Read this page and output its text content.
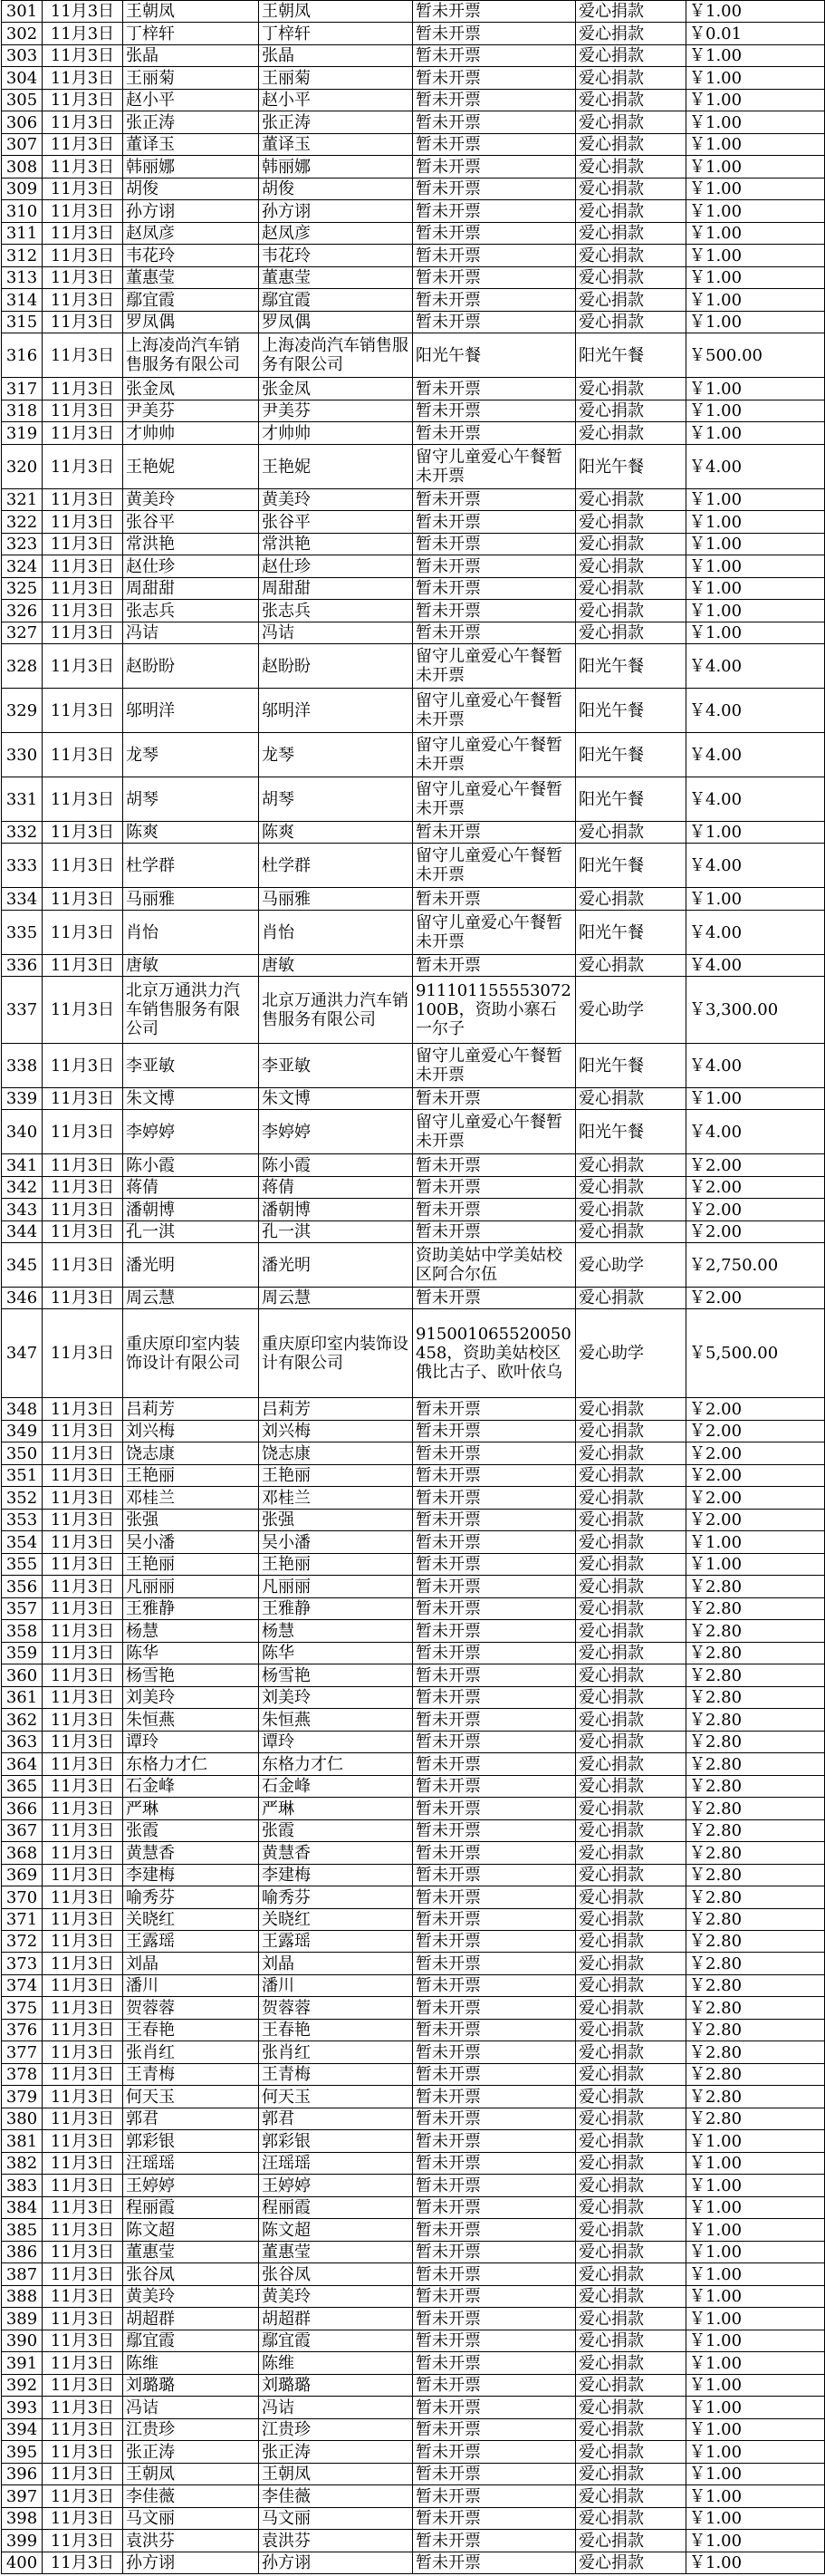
301	11月3日	王朝凤	王朝凤	暂未开票	爱心捐款	￥1.00
302	11月3日	丁梓轩	丁梓轩	暂未开票	爱心捐款	￥0.01
303	11月3日	张晶	张晶	暂未开票	爱心捐款	￥1.00
304	11月3日	王丽菊	王丽菊	暂未开票	爱心捐款	￥1.00
305	11月3日	赵小平	赵小平	暂未开票	爱心捐款	￥1.00
306	11月3日	张正涛	张正涛	暂未开票	爱心捐款	￥1.00
307	11月3日	董译玉	董译玉	暂未开票	爱心捐款	￥1.00
308	11月3日	韩丽娜	韩丽娜	暂未开票	爱心捐款	￥1.00
309	11月3日	胡俊	胡俊	暂未开票	爱心捐款	￥1.00
310	11月3日	孙方诩	孙方诩	暂未开票	爱心捐款	￥1.00
311	11月3日	赵凤彦	赵凤彦	暂未开票	爱心捐款	￥1.00
312	11月3日	韦花玲	韦花玲	暂未开票	爱心捐款	￥1.00
313	11月3日	董惠莹	董惠莹	暂未开票	爱心捐款	￥1.00
314	11月3日	鄢宜霞	鄢宜霞	暂未开票	爱心捐款	￥1.00
315	11月3日	罗凤偶	罗凤偶	暂未开票	爱心捐款	￥1.00
316	11月3日	上海凌尚汽车销售服务有限公司	上海凌尚汽车销售服务有限公司	阳光午餐	阳光午餐	￥500.00
317	11月3日	张金凤	张金凤	暂未开票	爱心捐款	￥1.00
318	11月3日	尹美芬	尹美芬	暂未开票	爱心捐款	￥1.00
319	11月3日	才帅帅	才帅帅	暂未开票	爱心捐款	￥1.00
320	11月3日	王艳妮	王艳妮	留守儿童爱心午餐暂未开票	阳光午餐	￥4.00
321	11月3日	黄美玲	黄美玲	暂未开票	爱心捐款	￥1.00
322	11月3日	张谷平	张谷平	暂未开票	爱心捐款	￥1.00
323	11月3日	常洪艳	常洪艳	暂未开票	爱心捐款	￥1.00
324	11月3日	赵仕珍	赵仕珍	暂未开票	爱心捐款	￥1.00
325	11月3日	周甜甜	周甜甜	暂未开票	爱心捐款	￥1.00
326	11月3日	张志兵	张志兵	暂未开票	爱心捐款	￥1.00
327	11月3日	冯诘	冯诘	暂未开票	爱心捐款	￥1.00
328	11月3日	赵盼盼	赵盼盼	留守儿童爱心午餐暂未开票	阳光午餐	￥4.00
329	11月3日	邬明洋	邬明洋	留守儿童爱心午餐暂未开票	阳光午餐	￥4.00
330	11月3日	龙琴	龙琴	留守儿童爱心午餐暂未开票	阳光午餐	￥4.00
331	11月3日	胡琴	胡琴	留守儿童爱心午餐暂未开票	阳光午餐	￥4.00
332	11月3日	陈爽	陈爽	暂未开票	爱心捐款	￥1.00
333	11月3日	杜学群	杜学群	留守儿童爱心午餐暂未开票	阳光午餐	￥4.00
334	11月3日	马丽雅	马丽雅	暂未开票	爱心捐款	￥1.00
335	11月3日	肖怡	肖怡	留守儿童爱心午餐暂未开票	阳光午餐	￥4.00
336	11月3日	唐敏	唐敏	暂未开票	爱心捐款	￥4.00
337	11月3日	北京万通洪力汽车销售服务有限公司	北京万通洪力汽车销售服务有限公司	911101155553072100B，资助小寨石一尔子	爱心助学	￥3,300.00
338	11月3日	李亚敏	李亚敏	留守儿童爱心午餐暂未开票	阳光午餐	￥4.00
339	11月3日	朱文博	朱文博	暂未开票	爱心捐款	￥1.00
340	11月3日	李婷婷	李婷婷	留守儿童爱心午餐暂未开票	阳光午餐	￥4.00
341	11月3日	陈小霞	陈小霞	暂未开票	爱心捐款	￥2.00
342	11月3日	蒋倩	蒋倩	暂未开票	爱心捐款	￥2.00
343	11月3日	潘朝博	潘朝博	暂未开票	爱心捐款	￥2.00
344	11月3日	孔一淇	孔一淇	暂未开票	爱心捐款	￥2.00
345	11月3日	潘光明	潘光明	资助美姑中学美姑校区阿合尔伍	爱心助学	￥2,750.00
346	11月3日	周云慧	周云慧	暂未开票	爱心捐款	￥2.00
347	11月3日	重庆原印室内装饰设计有限公司	重庆原印室内装饰设计有限公司	915001065520050458，资助美姑校区俄比古子、欧叶依乌	爱心助学	￥5,500.00
348	11月3日	吕莉芳	吕莉芳	暂未开票	爱心捐款	￥2.00
349	11月3日	刘兴梅	刘兴梅	暂未开票	爱心捐款	￥2.00
350	11月3日	饶志康	饶志康	暂未开票	爱心捐款	￥2.00
351	11月3日	王艳丽	王艳丽	暂未开票	爱心捐款	￥2.00
352	11月3日	邓桂兰	邓桂兰	暂未开票	爱心捐款	￥2.00
353	11月3日	张强	张强	暂未开票	爱心捐款	￥2.00
354	11月3日	吴小潘	吴小潘	暂未开票	爱心捐款	￥1.00
355	11月3日	王艳丽	王艳丽	暂未开票	爱心捐款	￥1.00
356	11月3日	凡丽丽	凡丽丽	暂未开票	爱心捐款	￥2.80
357	11月3日	王雅静	王雅静	暂未开票	爱心捐款	￥2.80
358	11月3日	杨慧	杨慧	暂未开票	爱心捐款	￥2.80
359	11月3日	陈华	陈华	暂未开票	爱心捐款	￥2.80
360	11月3日	杨雪艳	杨雪艳	暂未开票	爱心捐款	￥2.80
361	11月3日	刘美玲	刘美玲	暂未开票	爱心捐款	￥2.80
362	11月3日	朱恒燕	朱恒燕	暂未开票	爱心捐款	￥2.80
363	11月3日	谭玲	谭玲	暂未开票	爱心捐款	￥2.80
364	11月3日	东格力才仁	东格力才仁	暂未开票	爱心捐款	￥2.80
365	11月3日	石金峰	石金峰	暂未开票	爱心捐款	￥2.80
366	11月3日	严琳	严琳	暂未开票	爱心捐款	￥2.80
367	11月3日	张霞	张霞	暂未开票	爱心捐款	￥2.80
368	11月3日	黄慧香	黄慧香	暂未开票	爱心捐款	￥2.80
369	11月3日	李建梅	李建梅	暂未开票	爱心捐款	￥2.80
370	11月3日	喻秀芬	喻秀芬	暂未开票	爱心捐款	￥2.80
371	11月3日	关晓红	关晓红	暂未开票	爱心捐款	￥2.80
372	11月3日	王露瑶	王露瑶	暂未开票	爱心捐款	￥2.80
373	11月3日	刘晶	刘晶	暂未开票	爱心捐款	￥2.80
374	11月3日	潘川	潘川	暂未开票	爱心捐款	￥2.80
375	11月3日	贺蓉蓉	贺蓉蓉	暂未开票	爱心捐款	￥2.80
376	11月3日	王春艳	王春艳	暂未开票	爱心捐款	￥2.80
377	11月3日	张肖红	张肖红	暂未开票	爱心捐款	￥2.80
378	11月3日	王青梅	王青梅	暂未开票	爱心捐款	￥2.80
379	11月3日	何天玉	何天玉	暂未开票	爱心捐款	￥2.80
380	11月3日	郭君	郭君	暂未开票	爱心捐款	￥2.80
381	11月3日	郭彩银	郭彩银	暂未开票	爱心捐款	￥1.00
382	11月3日	汪瑶瑶	汪瑶瑶	暂未开票	爱心捐款	￥1.00
383	11月3日	王婷婷	王婷婷	暂未开票	爱心捐款	￥1.00
384	11月3日	程丽霞	程丽霞	暂未开票	爱心捐款	￥1.00
385	11月3日	陈文超	陈文超	暂未开票	爱心捐款	￥1.00
386	11月3日	董惠莹	董惠莹	暂未开票	爱心捐款	￥1.00
387	11月3日	张谷凤	张谷凤	暂未开票	爱心捐款	￥1.00
388	11月3日	黄美玲	黄美玲	暂未开票	爱心捐款	￥1.00
389	11月3日	胡超群	胡超群	暂未开票	爱心捐款	￥1.00
390	11月3日	鄢宜霞	鄢宜霞	暂未开票	爱心捐款	￥1.00
391	11月3日	陈维	陈维	暂未开票	爱心捐款	￥1.00
392	11月3日	刘璐璐	刘璐璐	暂未开票	爱心捐款	￥1.00
393	11月3日	冯诘	冯诘	暂未开票	爱心捐款	￥1.00
394	11月3日	江贵珍	江贵珍	暂未开票	爱心捐款	￥1.00
395	11月3日	张正涛	张正涛	暂未开票	爱心捐款	￥1.00
396	11月3日	王朝凤	王朝凤	暂未开票	爱心捐款	￥1.00
397	11月3日	李佳薇	李佳薇	暂未开票	爱心捐款	￥1.00
398	11月3日	马文丽	马文丽	暂未开票	爱心捐款	￥1.00
399	11月3日	袁洪芬	袁洪芬	暂未开票	爱心捐款	￥1.00
400	11月3日	孙方诩	孙方诩	暂未开票	爱心捐款	￥1.00
